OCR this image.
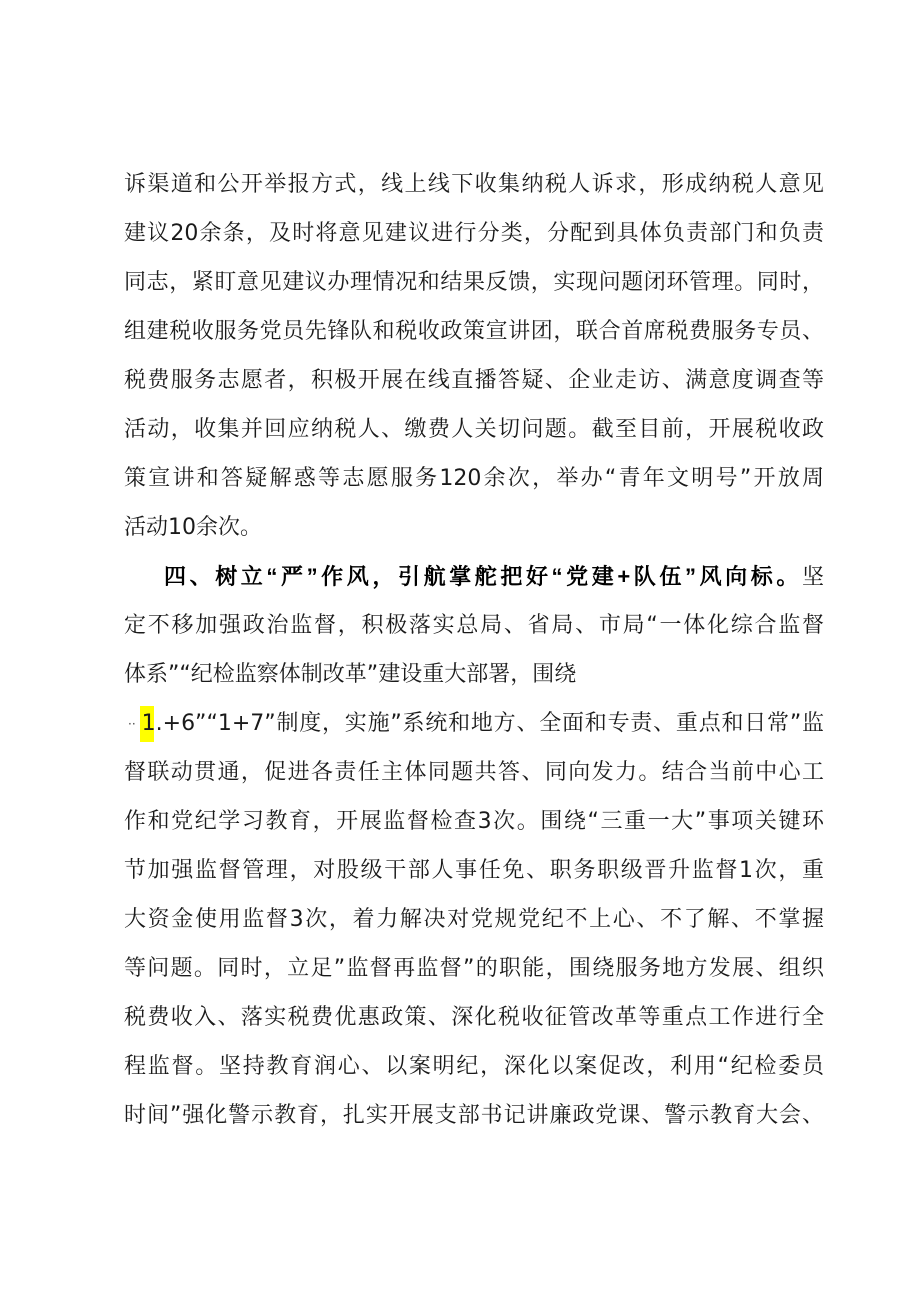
诉渠道和公开举报方式，线上线下收集纳税人诉求，形成纳税人意见
建议20余条，及时将意见建议进行分类，分配到具体负责部门和负责
同志，紧盯意见建议办理情况和结果反馈，实现问题闭环管理。同时，
组建税收服务党员先锋队和税收政策宣讲团，联合首席税费服务专员、
税费服务志愿者，积极开展在线直播答疑、企业走访、满意度调查等
活动，收集并回应纳税人、缴费人关切问题。截至目前，开展税收政
策宣讲和答疑解惑等志愿服务120余次，举办“青年文明号”开放周
活动10余次。
四、树立“严”作风，引航掌舵把好“党建+队伍”风向标。坚
定不移加强政治监督，积极落实总局、省局、市局“一体化综合监督
体系”“纪检监察体制改革”建设重大部署，围绕
·· 1.+6”“1+7”制度，实施”系统和地方、全面和专责、重点和日常”监
督联动贯通，促进各责任主体同题共答、同向发力。结合当前中心工
作和党纪学习教育，开展监督检查3次。围绕“三重一大”事项关键环
节加强监督管理，对股级干部人事任免、职务职级晋升监督1次，重
大资金使用监督3次，着力解决对党规党纪不上心、不了解、不掌握
等问题。同时，立足”监督再监督”的职能，围绕服务地方发展、组织
税费收入、落实税费优惠政策、深化税收征管改革等重点工作进行全
程监督。坚持教育润心、以案明纪，深化以案促改，利用“纪检委员
时间”强化警示教育，扎实开展支部书记讲廉政党课、警示教育大会、
